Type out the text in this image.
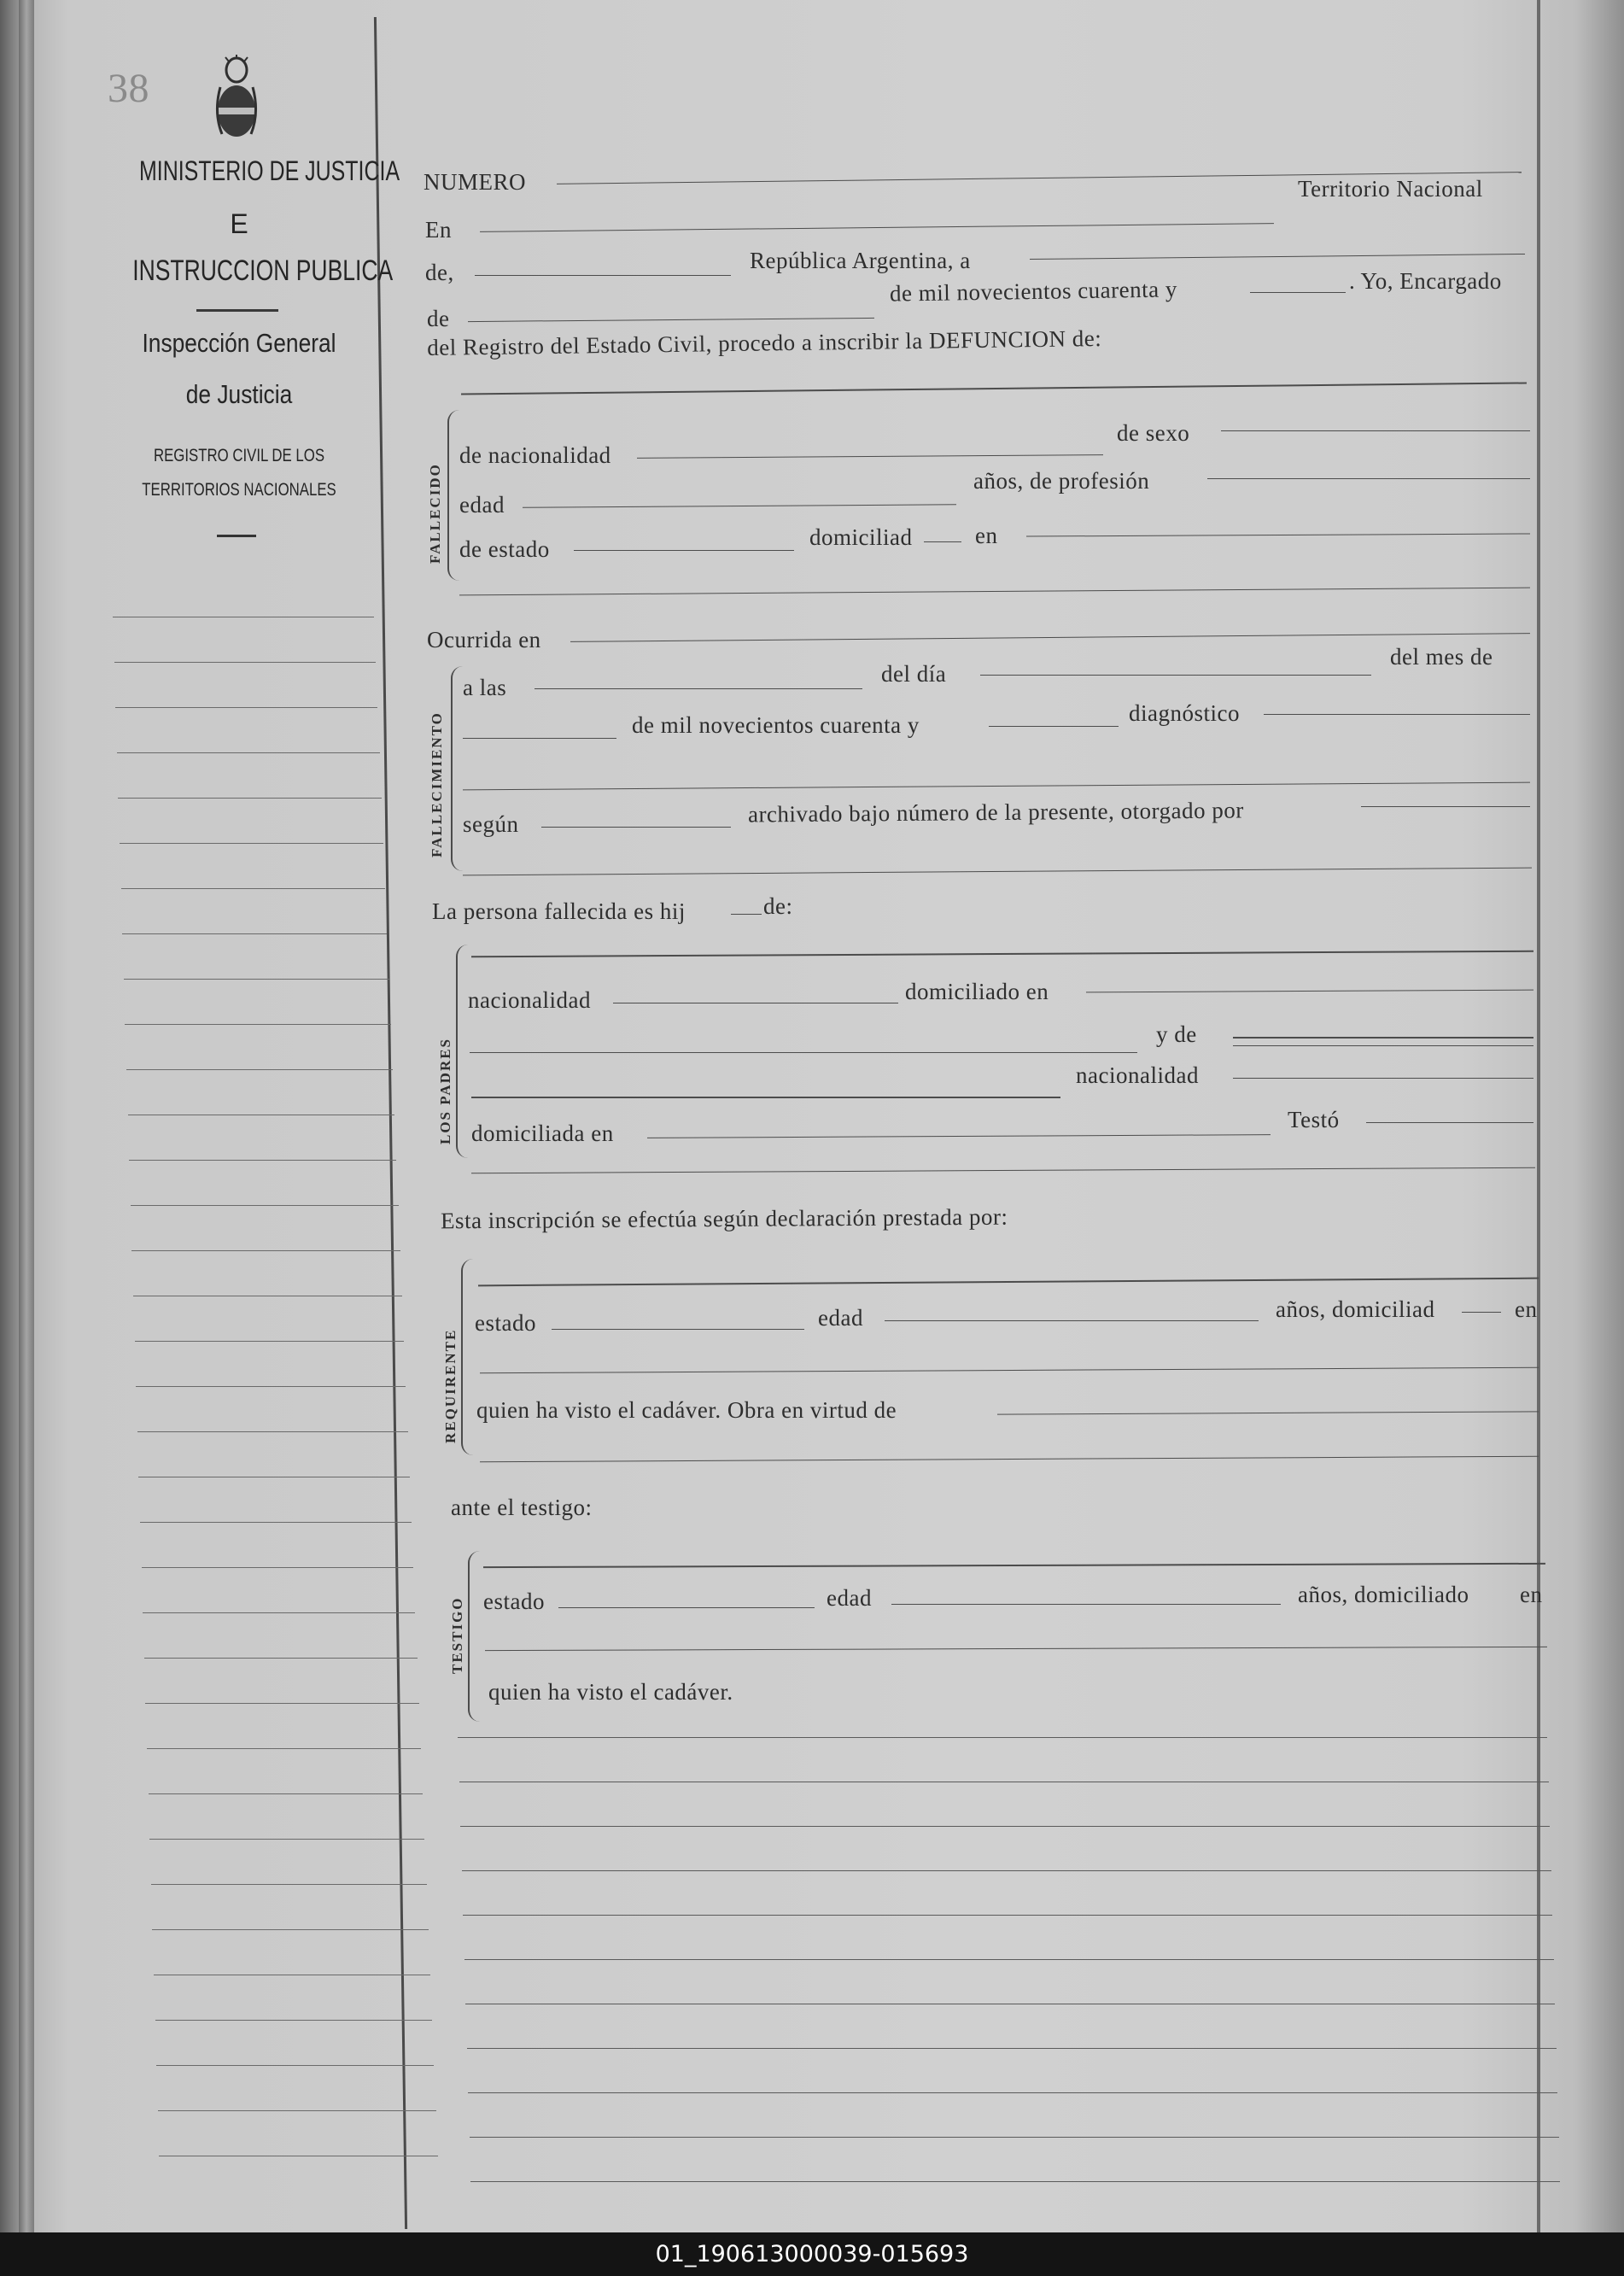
38
MINISTERIO DE JUSTICIA
E
INSTRUCCION PUBLICA
Inspección General
de Justicia
REGISTRO CIVIL DE LOS
TERRITORIOS NACIONALES
NUMERO	Territorio Nacional
En
de,	República Argentina, a
de
de mil novecientos cuarenta y	. Yo, Encargado
del Registro del Estado Civil, procedo a inscribir la DEFUNCION de:
FALLECIDO
de nacionalidad
de sexo
edad
años, de profesión
de estado	domiciliad	en
Ocurrida en
FALLECIMIENTO
a las
del día
del mes de
de mil novecientos cuarenta y	diagnóstico
según	archivado bajo número de la presente, otorgado por
La persona fallecida es hij	de:
LOS PADRES
nacionalidad	domiciliado en
y de
nacionalidad
domiciliada en
Testó
Esta inscripción se efectúa según declaración prestada por:
REQUIRENTE
estado	edad	años, domiciliad	en
quien ha visto el cadáver. Obra en virtud de
ante el testigo:
TESTIGO estado	edad	años, domiciliado en
quien ha visto el cadáver.
01_190613000039-015693
